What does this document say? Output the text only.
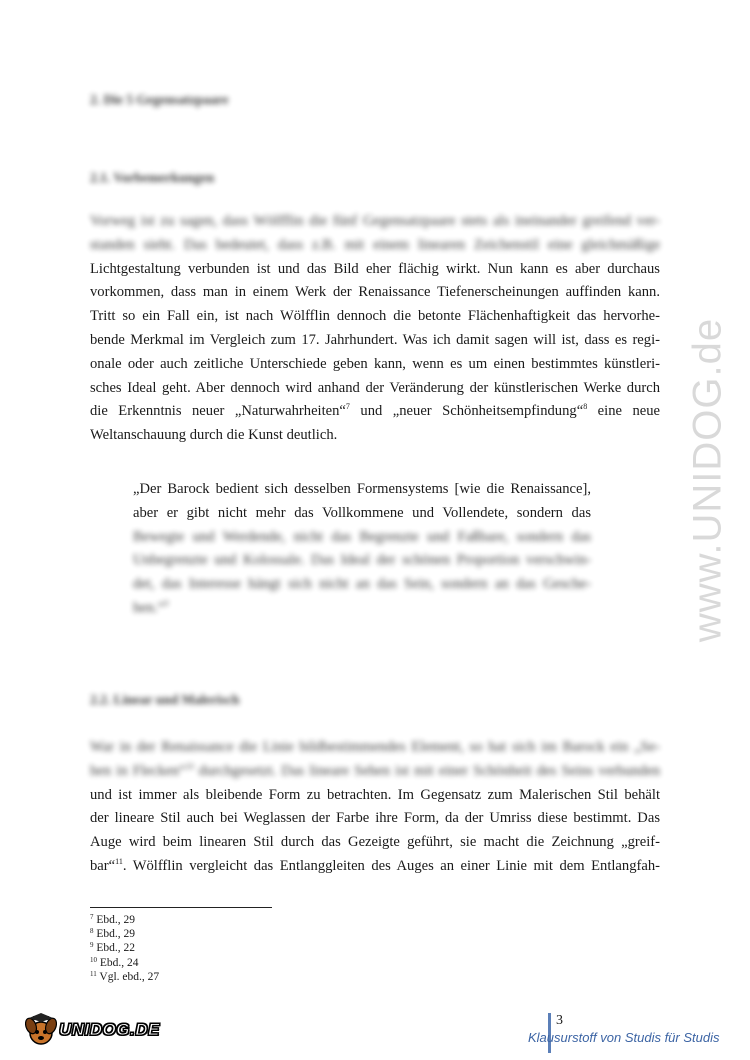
2. Die 5 Gegensatzpaare
2.1. Vorbemerkungen
Vorweg ist zu sagen, dass Wölfflin die fünf Gegensatzpaare stets als ineinander greifend ver-
standen sieht. Das bedeutet, dass z.B. mit einem linearen Zeichenstil eine gleichmäßige
Lichtgestaltung verbunden ist und das Bild eher flächig wirkt. Nun kann es aber durchaus
vorkommen, dass man in einem Werk der Renaissance Tiefenerscheinungen auffinden kann.
Tritt so ein Fall ein, ist nach Wölfflin dennoch die betonte Flächenhaftigkeit das hervorhe-
bende Merkmal im Vergleich zum 17. Jahrhundert. Was ich damit sagen will ist, dass es regi-
onale oder auch zeitliche Unterschiede geben kann, wenn es um einen bestimmtes künstleri-
sches Ideal geht. Aber dennoch wird anhand der Veränderung der künstlerischen Werke durch
die Erkenntnis neuer „Naturwahrheiten“$^7$ und „neuer Schönheitsempfindung“$^8$ eine neue
Weltanschauung durch die Kunst deutlich.
„Der Barock bedient sich desselben Formensystems [wie die Renaissance],
aber er gibt nicht mehr das Vollkommene und Vollendete, sondern das
Bewegte und Werdende, nicht das Begrenzte und Faßbare, sondern das
Unbegrenzte und Kolossale. Das Ideal der schönen Proportion verschwin-
det, das Interesse hängt sich nicht an das Sein, sondern an das Gesche-
hen.“$^9$
2.2. Linear und Malerisch
War in der Renaissance die Linie bildbestimmendes Element, so hat sich im Barock ein „Se-
hen in Flecken“$^{10}$ durchgesetzt. Das lineare Sehen ist mit einer Schönheit des Seins verbunden
und ist immer als bleibende Form zu betrachten. Im Gegensatz zum Malerischen Stil behält
der lineare Stil auch bei Weglassen der Farbe ihre Form, da der Umriss diese bestimmt. Das
Auge wird beim linearen Stil durch das Gezeigte geführt, sie macht die Zeichnung „greif-
bar“$^{11}$. Wölfflin vergleicht das Entlanggleiten des Auges an einer Linie mit dem Entlangfah-
$^7$ Ebd., 29
$^8$ Ebd., 29
$^9$ Ebd., 22
$^{10}$ Ebd., 24
$^{11}$ Vgl. ebd., 27
www.UNIDOG.de
UNIDOG.DE	3
Klausurstoff von Studis für Studis
